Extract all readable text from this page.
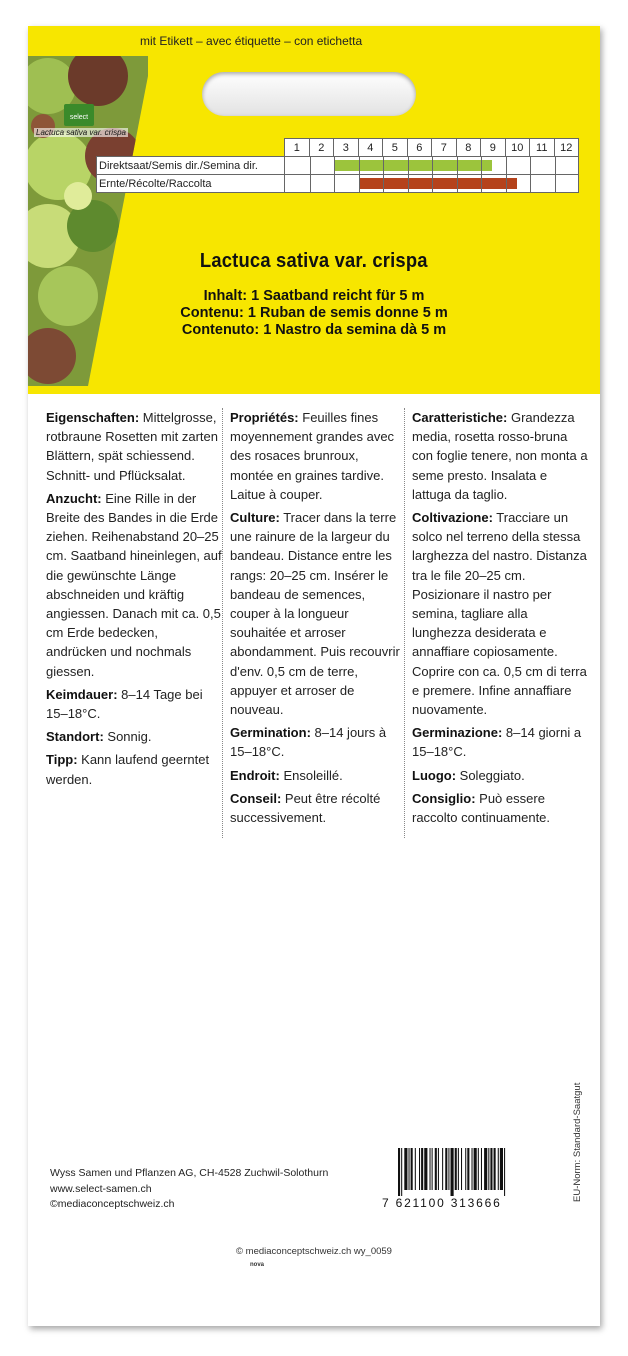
mit Etikett – avec étiquette – con etichetta
select
Lactuca sativa var. crispa
	1	2	3	4	5	6	7	8	9	10	11	12
Direktsaat/Semis dir./Semina dir.												

Ernte/Récolte/Raccolta												
Lactuca sativa var. crispa
Inhalt: 1 Saatband reicht für 5 m
Contenu: 1 Ruban de semis donne 5 m
Contenuto: 1 Nastro da semina dà 5 m

Eigenschaften: Mittelgrosse, rotbraune Rosetten mit zarten Blättern, spät schiessend. Schnitt- und Pflücksalat.

Anzucht: Eine Rille in der Breite des Bandes in die Erde ziehen. Reihenabstand 20–25 cm. Saatband hineinlegen, auf die gewünschte Länge abschneiden und kräftig angiessen. Danach mit ca. 0,5 cm Erde bedecken, andrücken und nochmals giessen.

Keimdauer: 8–14 Tage bei 15–18°C.

Standort: Sonnig.

Tipp: Kann laufend geerntet werden.

Propriétés: Feuilles fines moyennement grandes avec des rosaces brunroux, montée en graines tardive. Laitue à couper.

Culture: Tracer dans la terre une rainure de la largeur du bandeau. Distance entre les rangs: 20–25 cm. Insérer le bandeau de semences, couper à la longueur souhaitée et arroser abondamment. Puis recouvrir d'env. 0,5 cm de terre, appuyer et arroser de nouveau.

Germination: 8–14 jours à 15–18°C.

Endroit: Ensoleillé.

Conseil: Peut être récolté successivement.

Caratteristiche: Grandezza media, rosetta rosso-bruna con foglie tenere, non monta a seme presto. Insalata e lattuga da taglio.

Coltivazione: Tracciare un solco nel terreno della stessa larghezza del nastro. Distanza tra le file 20–25 cm. Posizionare il nastro per semina, tagliare alla lunghezza desiderata e annaffiare copiosamente. Coprire con ca. 0,5 cm di terra e premere. Infine annaffiare nuovamente.

Germinazione: 8–14 giorni a 15–18°C.

Luogo: Soleggiato.

Consiglio: Può essere raccolto continuamente.

Wyss Samen und Pflanzen AG, CH-4528 Zuchwil-Solothurn
www.select-samen.ch
©mediaconceptschweiz.ch	7 621100 313666
EU-Norm: Standard-Saatgut
© mediaconceptschweiz.ch wy_0059
nova
